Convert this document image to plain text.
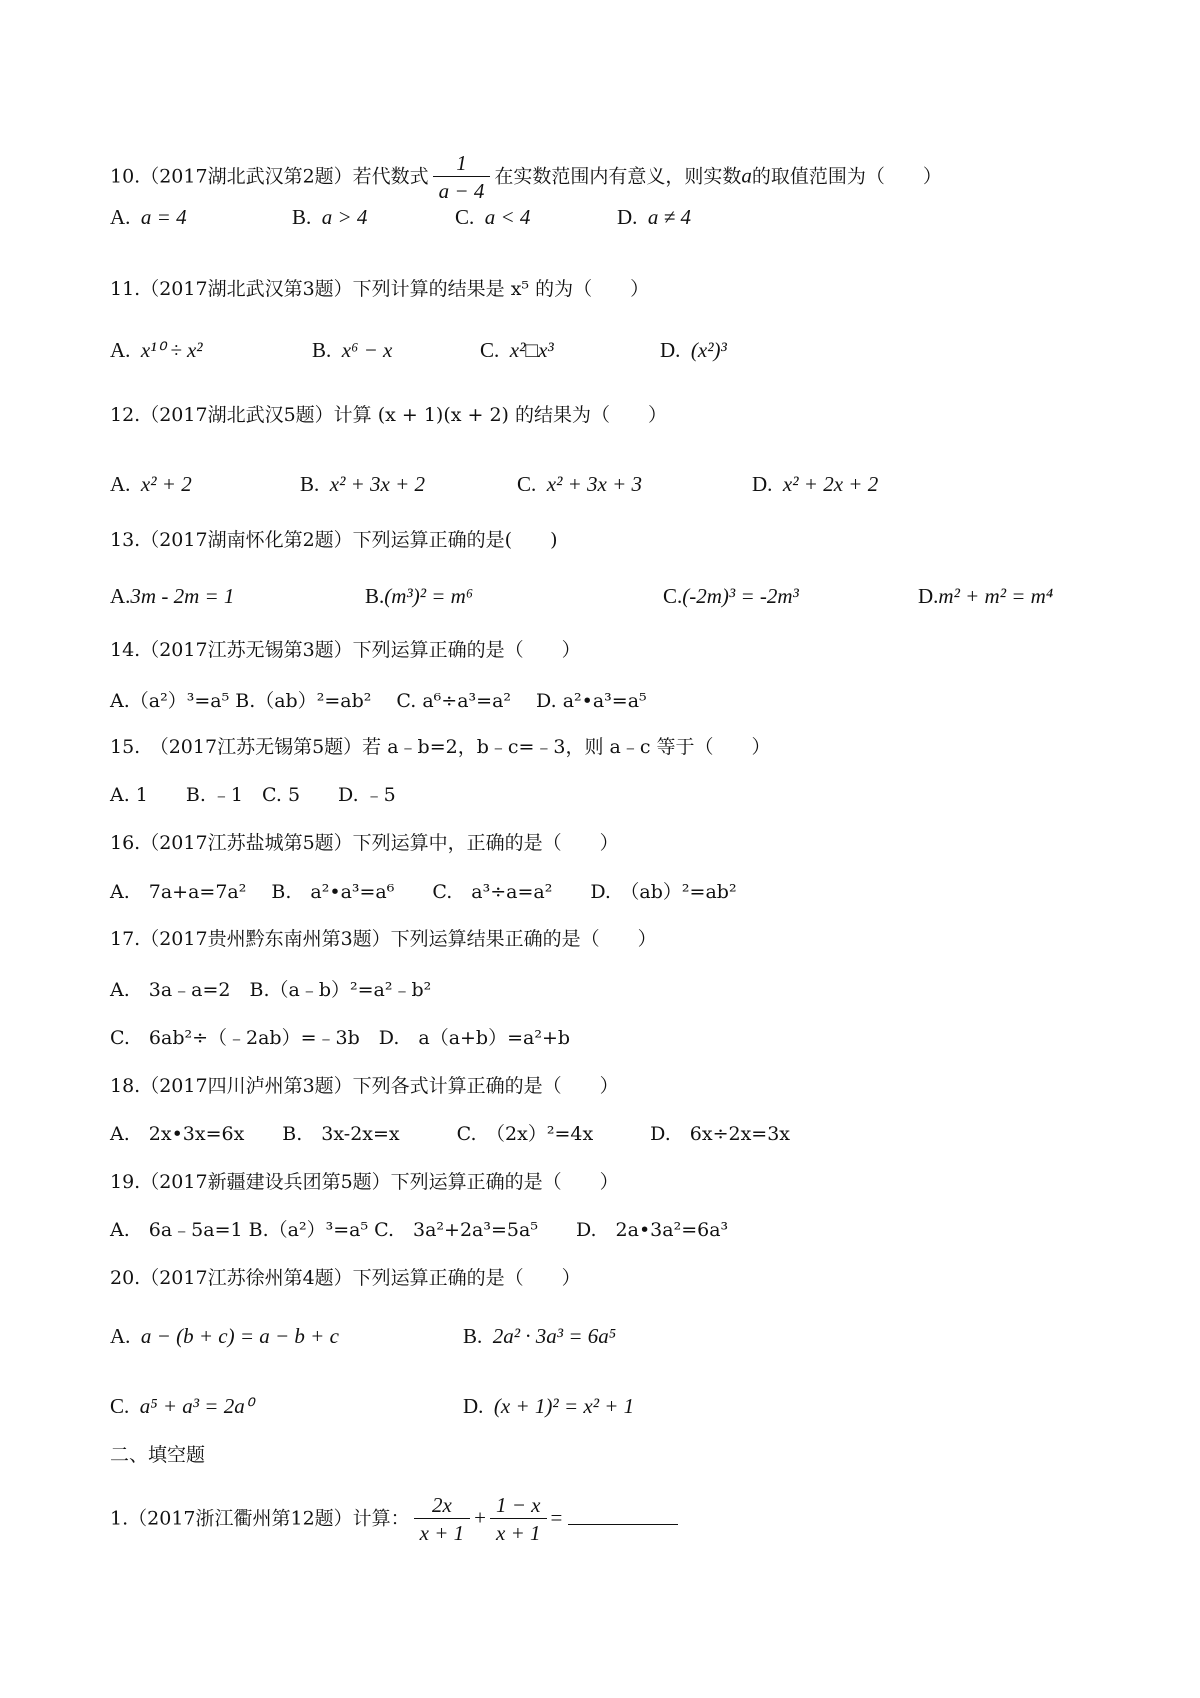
10.（2017湖北武汉第2题）若代数式 $\frac{1}{a - 4}$ 在实数范围内有意义，则实数a的取值范围为（　　）
A. a = 4	B. a > 4	C. a < 4	D. a ≠ 4
11.（2017湖北武汉第3题）下列计算的结果是 x⁵ 的为（　　）
A. x¹⁰ ÷ x²	B. x⁶ − x	C. x²□x³	D. (x²)³
12.（2017湖北武汉5题）计算 (x + 1)(x + 2) 的结果为（　　）
A. x² + 2	B. x² + 3x + 2	C. x² + 3x + 3	D. x² + 2x + 2
13.（2017湖南怀化第2题）下列运算正确的是(　　)
A.3m - 2m = 1	B.(m³)² = m⁶	C.(-2m)³ = -2m³	D.m² + m² = m⁴
14.（2017江苏无锡第3题）下列运算正确的是（　　）
A.（a²）³=a⁵ B.（ab）²=ab² 　C. a⁶÷a³=a² 　D. a²•a³=a⁵
15.　（2017江苏无锡第5题）若 a﹣b=2，b﹣c=﹣3，则 a﹣c 等于（　　）
A. 1　　B. ﹣1　C. 5　　D. ﹣5
16.（2017江苏盐城第5题）下列运算中，正确的是（　　）
A.　7a+a=7a²　 B.　a²•a³=a⁶　　C.　a³÷a=a²　　D.　（ab）²=ab²
17.（2017贵州黔东南州第3题）下列运算结果正确的是（　　）
A.　3a﹣a=2　B.（a﹣b）²=a²﹣b²
C.　6ab²÷（﹣2ab）=﹣3b　D.　a（a+b）=a²+b
18.（2017四川泸州第3题）下列各式计算正确的是（　　）
A.　2x•3x=6x　　B.　3x-2x=x　　　C.　（2x）²=4x　　　D.　6x÷2x=3x
19.（2017新疆建设兵团第5题）下列运算正确的是（　　）
A.　6a﹣5a=1 B.（a²）³=a⁵ C.　3a²+2a³=5a⁵　　D.　2a•3a²=6a³
20.（2017江苏徐州第4题）下列运算正确的是（　　）
A. a − (b + c) = a − b + c	B. 2a² · 3a³ = 6a⁵
C. a⁵ + a³ = 2a⁰	D. (x + 1)² = x² + 1
二、填空题
1.（2017浙江衢州第12题）计算： $\frac{2x}{x + 1} + \frac{1 - x}{x + 1}$ =
